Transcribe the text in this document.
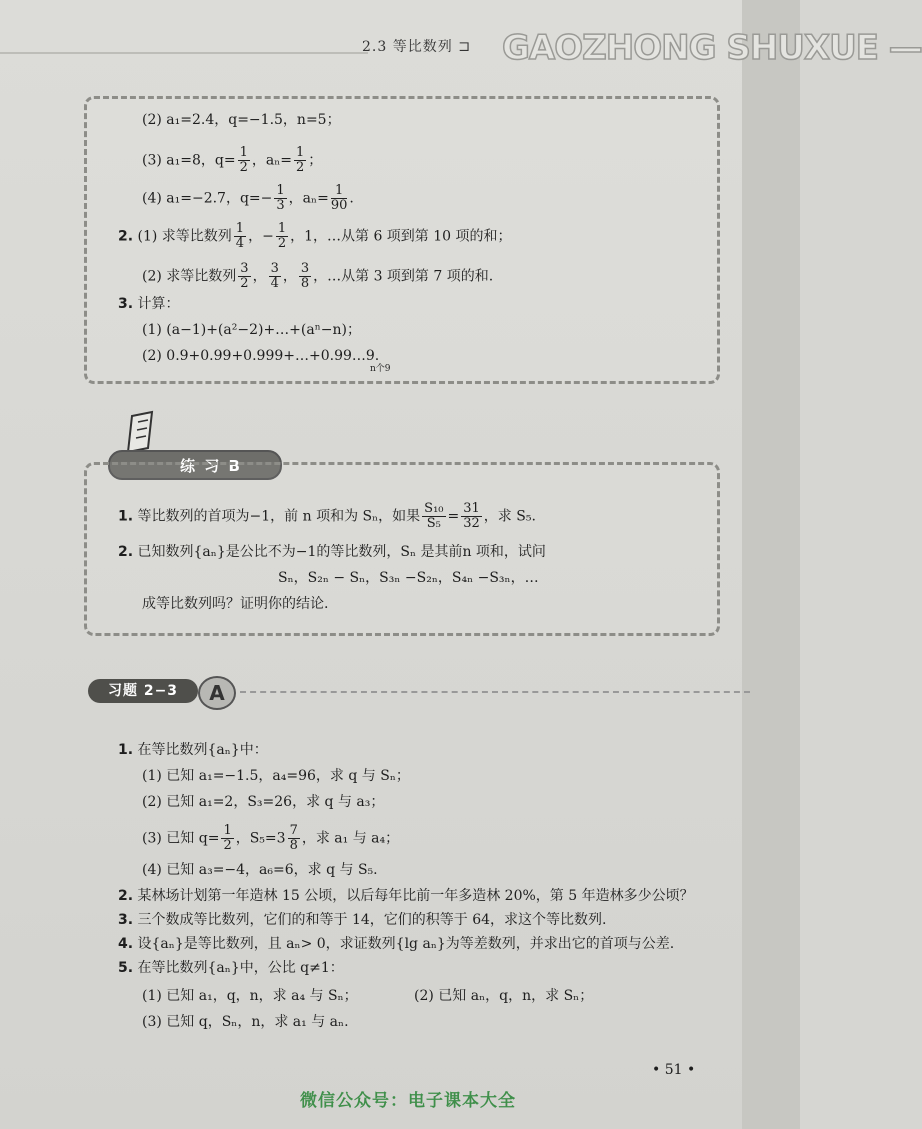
2.3 等比数列 ⊐ GAOZHONG SHUXUE —
(2) a₁=2.4，q=−1.5，n=5；
(3) a₁=8，$q= \frac{1}{2}$ ，$a_n= \frac{1}{2}$ ；
(4) a₁=−2.7，$q=- \frac{1}{3}$ ，$a_n= \frac{1}{90}$ .
2. (1) 求等比数列 $\frac{1}{4}$ ，− $\frac{1}{2}$ ，1，…从第 6 项到第 10 项的和；
(2) 求等比数列 $\frac{3}{2}$ ， $\frac{3}{4}$ ， $\frac{3}{8}$ ，…从第 3 项到第 7 项的和.
3. 计算：
(1) (a−1)+(a²−2)+…+(aⁿ−n)；
(2) 0.9+0.99+0.999+…+0.99…9.
n个9
练 习 B
1. 等比数列的首项为−1，前 n 项和为 Sₙ，如果 $\frac{\text{S₁₀}}{\text{S₅}} = \frac{31}{32}$ ，求 S₅.
2. 已知数列{aₙ}是公比不为−1的等比数列，Sₙ 是其前n 项和，试问
Sₙ，S₂ₙ − Sₙ，S₃ₙ −S₂ₙ，S₄ₙ −S₃ₙ，…
成等比数列吗？证明你的结论.
习题 2−3	A
1. 在等比数列{aₙ}中：
(1) 已知 a₁=−1.5，a₄=96，求 q 与 Sₙ；
(2) 已知 a₁=2，S₃=26，求 q 与 a₃；
(3) 已知 $q= \frac{1}{2}$ ，$S_5=3 \frac{7}{8}$ ，求 a₁ 与 a₄；
(4) 已知 a₃=−4，a₆=6，求 q 与 S₅.
2. 某林场计划第一年造林 15 公顷，以后每年比前一年多造林 20%，第 5 年造林多少公顷？
3. 三个数成等比数列，它们的和等于 14，它们的积等于 64，求这个等比数列.
4. 设{aₙ}是等比数列，且 aₙ> 0，求证数列{lg aₙ}为等差数列，并求出它的首项与公差.
5. 在等比数列{aₙ}中，公比 q≠1：
(1) 已知 a₁，q，n，求 a₄ 与 Sₙ；	(2) 已知 aₙ，q，n，求 Sₙ；
(3) 已知 q，Sₙ，n，求 a₁ 与 aₙ.
• 51 •
微信公众号：电子课本大全
